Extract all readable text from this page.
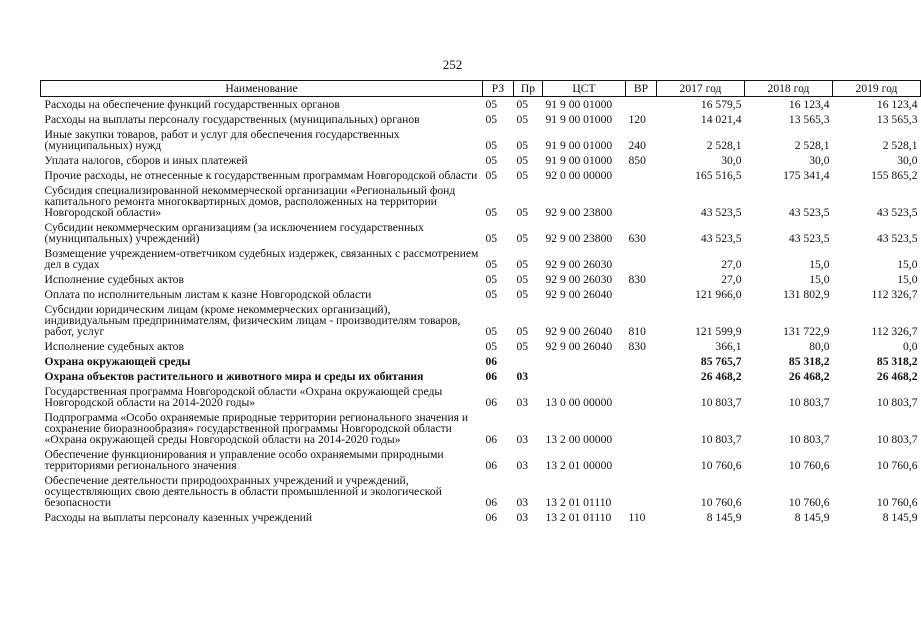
252
Наименование	РЗ	Пр	ЦСТ	ВР	2017 год	2018 год	2019 год
Расходы на обеспечение функций государственных органов	05	05	91 9 00 01000		16 579,5	16 123,4	16 123,4
Расходы на выплаты персоналу государственных (муниципальных) органов	05	05	91 9 00 01000	120	14 021,4	13 565,3	13 565,3
Иные закупки товаров, работ и услуг для обеспечения государственных (муниципальных) нужд	05	05	91 9 00 01000	240	2 528,1	2 528,1	2 528,1
Уплата налогов, сборов и иных платежей	05	05	91 9 00 01000	850	30,0	30,0	30,0
Прочие расходы, не отнесенные к государственным программам Новгородской области	05	05	92 0 00 00000		165 516,5	175 341,4	155 865,2
Субсидия специализированной некоммерческой организации «Региональный фонд капитального ремонта многоквартирных домов, расположенных на территории Новгородской области»	05	05	92 9 00 23800		43 523,5	43 523,5	43 523,5
Субсидии некоммерческим организациям (за исключением государственных (муниципальных) учреждений)	05	05	92 9 00 23800	630	43 523,5	43 523,5	43 523,5
Возмещение учреждением-ответчиком судебных издержек, связанных с рассмотрением дел в судах	05	05	92 9 00 26030		27,0	15,0	15,0
Исполнение судебных актов	05	05	92 9 00 26030	830	27,0	15,0	15,0
Оплата по исполнительным листам к казне Новгородской области	05	05	92 9 00 26040		121 966,0	131 802,9	112 326,7
Субсидии юридическим лицам (кроме некоммерческих организаций), индивидуальным предпринимателям, физическим лицам - производителям товаров, работ, услуг	05	05	92 9 00 26040	810	121 599,9	131 722,9	112 326,7
Исполнение судебных актов	05	05	92 9 00 26040	830	366,1	80,0	0,0
Охрана окружающей среды	06				85 765,7	85 318,2	85 318,2
Охрана объектов растительного и животного мира и среды их обитания	06	03			26 468,2	26 468,2	26 468,2
Государственная программа Новгородской области «Охрана окружающей среды Новгородской области на 2014-2020 годы»	06	03	13 0 00 00000		10 803,7	10 803,7	10 803,7
Подпрограмма «Особо охраняемые природные территории регионального значения и сохранение биоразнообразия» государственной программы Новгородской области «Охрана окружающей среды Новгородской области на 2014-2020 годы»	06	03	13 2 00 00000		10 803,7	10 803,7	10 803,7
Обеспечение функционирования и управление особо охраняемыми природными территориями регионального значения	06	03	13 2 01 00000		10 760,6	10 760,6	10 760,6
Обеспечение деятельности природоохранных учреждений и учреждений, осуществляющих свою деятельность в области промышленной и экологической безопасности	06	03	13 2 01 01110		10 760,6	10 760,6	10 760,6
Расходы на выплаты персоналу казенных учреждений	06	03	13 2 01 01110	110	8 145,9	8 145,9	8 145,9
